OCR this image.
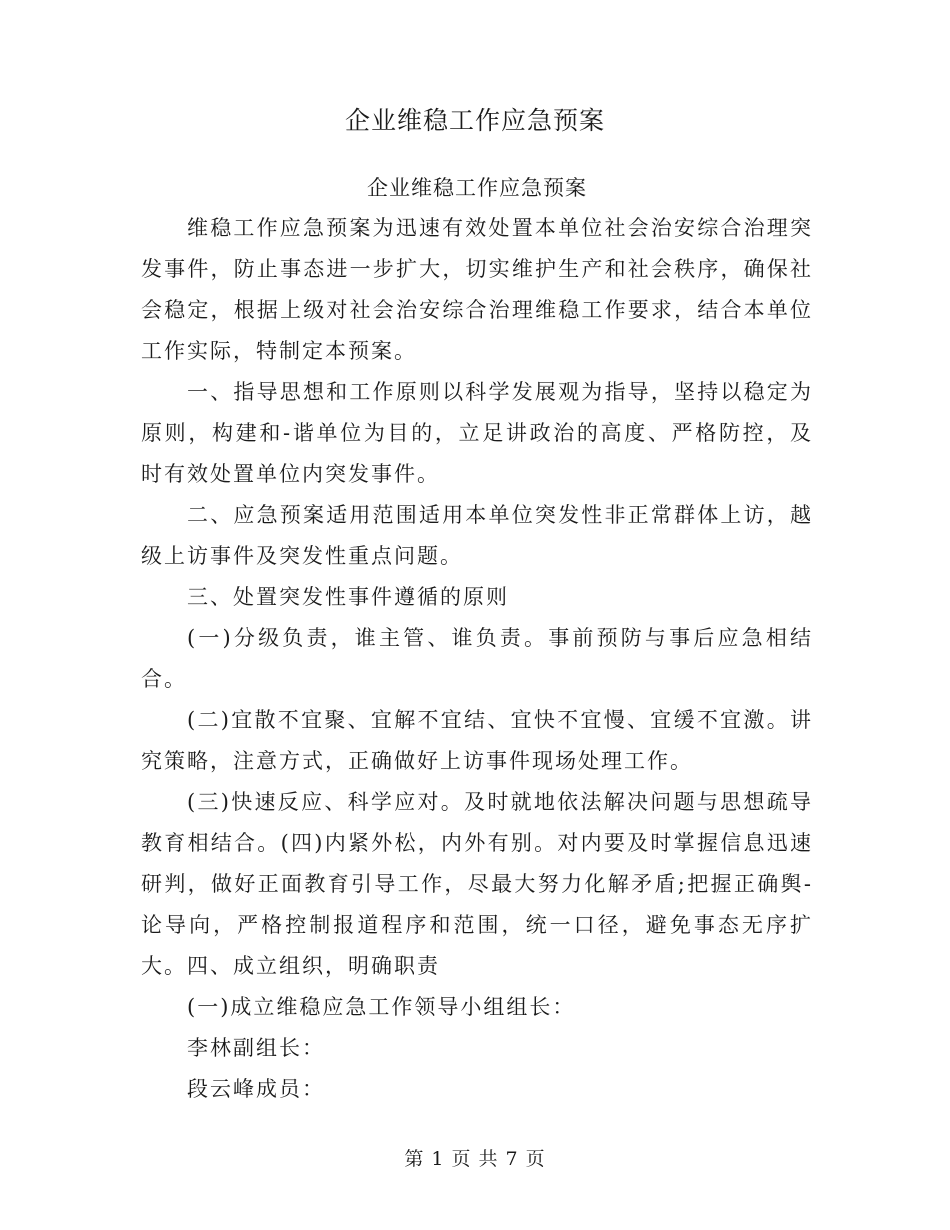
企业维稳工作应急预案

企业维稳工作应急预案

维稳工作应急预案为迅速有效处置本单位社会治安综合治理突发事件，防止事态进一步扩大，切实维护生产和社会秩序，确保社会稳定，根据上级对社会治安综合治理维稳工作要求，结合本单位工作实际，特制定本预案。

一、指导思想和工作原则以科学发展观为指导，坚持以稳定为原则，构建和-谐单位为目的，立足讲政治的高度、严格防控，及时有效处置单位内突发事件。

二、应急预案适用范围适用本单位突发性非正常群体上访，越级上访事件及突发性重点问题。

三、处置突发性事件遵循的原则

(一)分级负责，谁主管、谁负责。事前预防与事后应急相结合。

(二)宜散不宜聚、宜解不宜结、宜快不宜慢、宜缓不宜激。讲究策略，注意方式，正确做好上访事件现场处理工作。

(三)快速反应、科学应对。及时就地依法解决问题与思想疏导教育相结合。(四)内紧外松，内外有别。对内要及时掌握信息迅速研判，做好正面教育引导工作，尽最大努力化解矛盾;把握正确舆-论导向，严格控制报道程序和范围，统一口径，避免事态无序扩大。四、成立组织，明确职责

(一)成立维稳应急工作领导小组组长：

李林副组长：

段云峰成员：

第 1 页 共 7 页
